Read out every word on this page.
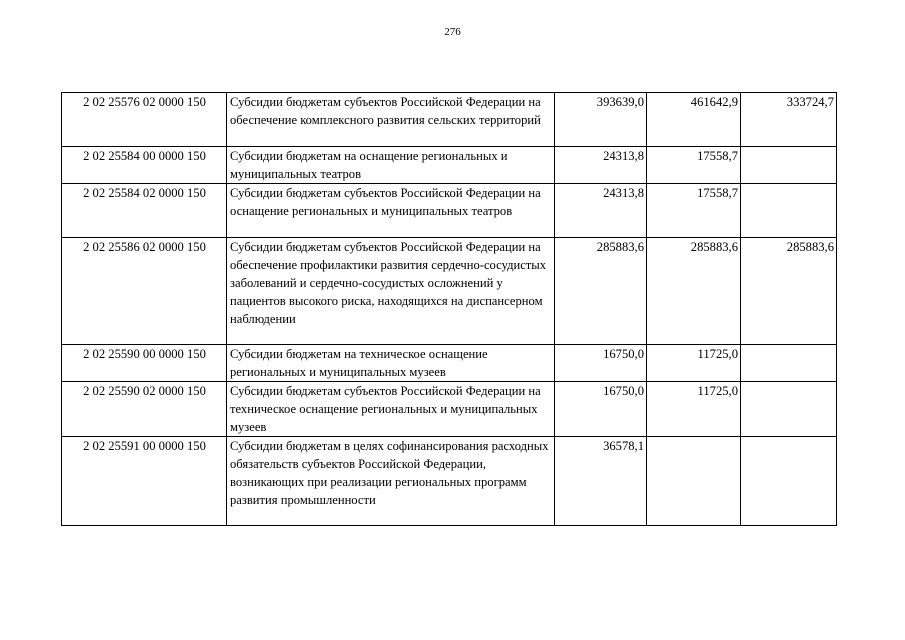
276
2 02 25576 02 0000 150	Субсидии бюджетам субъектов Российской Федерации на обеспечение комплексного развития сельских территорий	393639,0	461642,9	333724,7
2 02 25584 00 0000 150	Субсидии бюджетам на оснащение региональных и муниципальных театров	24313,8	17558,7	
2 02 25584 02 0000 150	Субсидии бюджетам субъектов Российской Федерации на оснащение региональных и муниципальных театров	24313,8	17558,7	
2 02 25586 02 0000 150	Субсидии бюджетам субъектов Российской Федерации на обеспечение профилактики развития сердечно-сосудистых заболеваний и сердечно-сосудистых осложнений у пациентов высокого риска, находящихся на диспансерном наблюдении	285883,6	285883,6	285883,6
2 02 25590 00 0000 150	Субсидии бюджетам на техническое оснащение региональных и муниципальных музеев	16750,0	11725,0	
2 02 25590 02 0000 150	Субсидии бюджетам субъектов Российской Федерации на техническое оснащение региональных и муниципальных музеев	16750,0	11725,0	
2 02 25591 00 0000 150	Субсидии бюджетам в целях софинансирования расходных обязательств субъектов Российской Федерации, возникающих при реализации региональных программ развития промышленности	36578,1		
